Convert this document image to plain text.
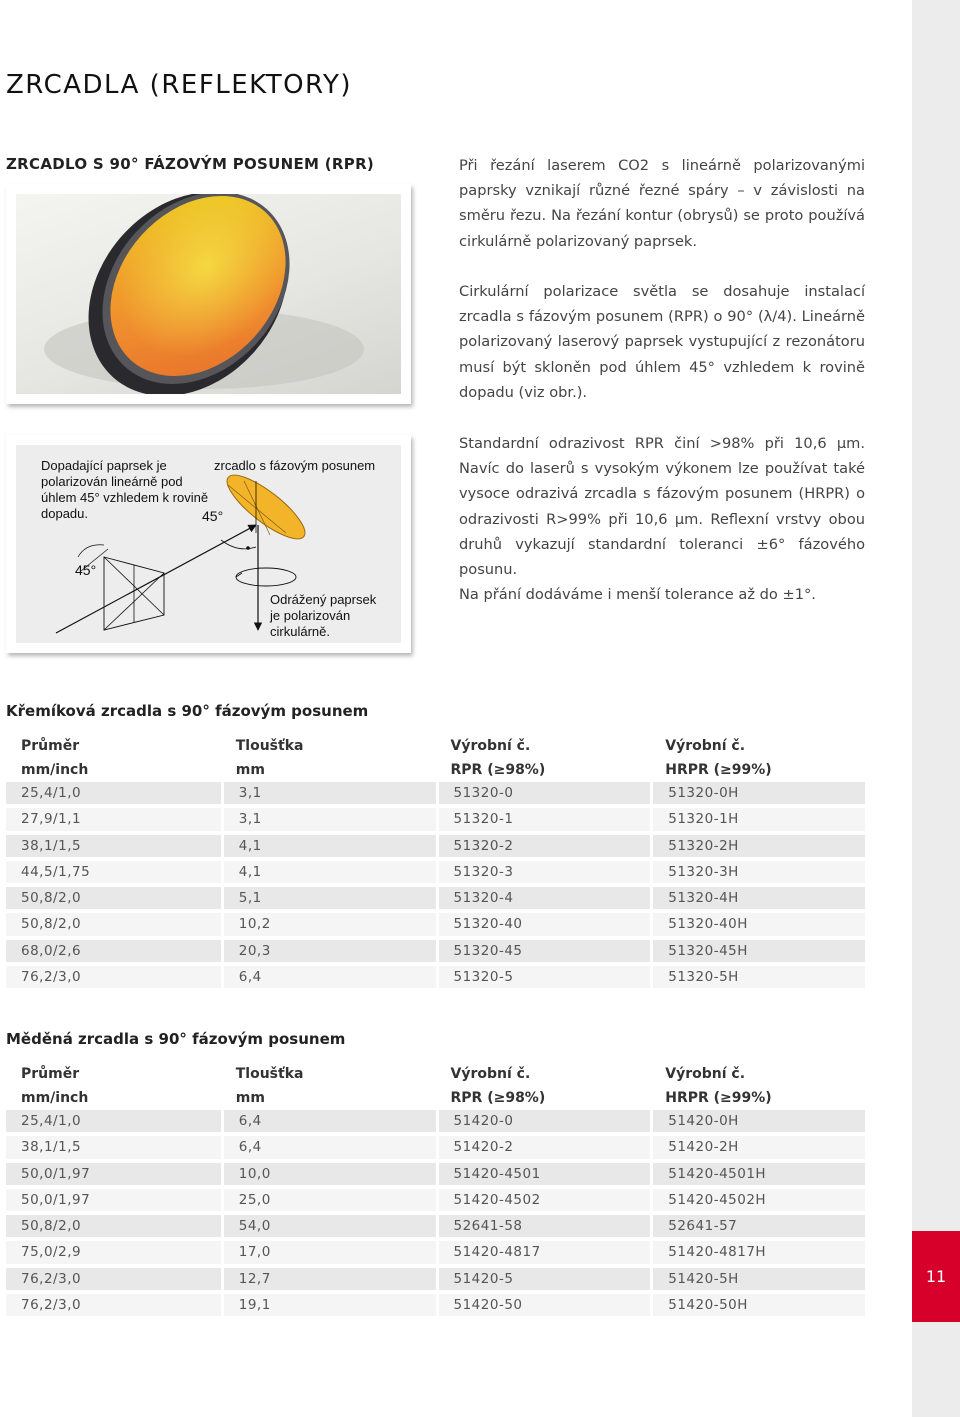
11
ZRCADLA (REFLEKTORY)
ZRCADLO S 90° FÁZOVÝM POSUNEM (RPR)
Dopadající paprsek je
polarizován lineárně pod
úhlem 45° vzhledem k rovině
dopadu.
zrcadlo s fázovým posunem
45°
45°
Odrážený paprsek
je polarizován
cirkulárně.

Při řezání laserem CO2 s lineárně polarizovanými paprsky vznikají různé řezné spáry – v závislosti na směru řezu. Na řezání kontur (obrysů) se proto používá cirkulárně polarizovaný paprsek.

Cirkulární polarizace světla se dosahuje instalací zrcadla s fázovým posunem (RPR) o 90° (λ/4). Lineárně polarizovaný laserový paprsek vystupující z rezonátoru musí být skloněn pod úhlem 45° vzhledem k rovině dopadu (viz obr.).

Standardní odrazivost RPR činí >98% při 10,6 µm. Navíc do laserů s vysokým výkonem lze používat také vysoce odrazivá zrcadla s fázovým posunem (HRPR) o odrazivosti R>99% při 10,6 µm. Reflexní vrstvy obou druhů vykazují standardní toleranci ±6° fázového posunu.

Na přání dodáváme i menší tolerance až do ±1°.

Křemíková zrcadla s 90° fázovým posunem
Průměr
mm/inch
Tloušťka
mm
Výrobní č.
RPR (≥98%)
Výrobní č.
HRPR (≥99%)
25,4/1,0	3,1	51320-0	51320-0H
27,9/1,1	3,1	51320-1	51320-1H
38,1/1,5	4,1	51320-2	51320-2H
44,5/1,75	4,1	51320-3	51320-3H
50,8/2,0	5,1	51320-4	51320-4H
50,8/2,0	10,2	51320-40	51320-40H
68,0/2,6	20,3	51320-45	51320-45H
76,2/3,0	6,4	51320-5	51320-5H
Měděná zrcadla s 90° fázovým posunem
Průměr
mm/inch
Tloušťka
mm
Výrobní č.
RPR (≥98%)
Výrobní č.
HRPR (≥99%)
25,4/1,0	6,4	51420-0	51420-0H
38,1/1,5	6,4	51420-2	51420-2H
50,0/1,97	10,0	51420-4501	51420-4501H
50,0/1,97	25,0	51420-4502	51420-4502H
50,8/2,0	54,0	52641-58	52641-57
75,0/2,9	17,0	51420-4817	51420-4817H
76,2/3,0	12,7	51420-5	51420-5H
76,2/3,0	19,1	51420-50	51420-50H
